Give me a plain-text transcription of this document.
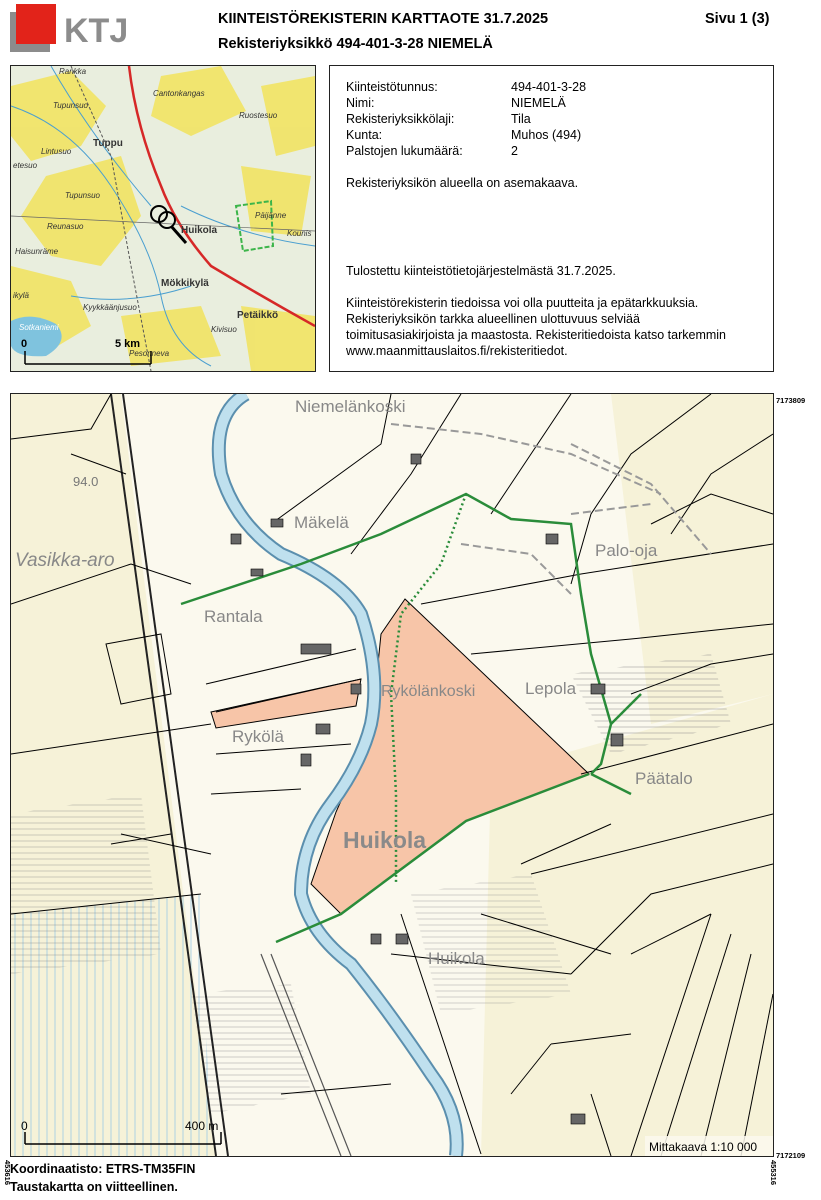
KTJ	KIINTEISTÖREKISTERIN KARTTAOTE 31.7.2025
Rekisteriyksikkö 494-401-3-28 NIEMELÄ
Sivu 1 (3)
Rankka
Cantonkangas
Tupunsuo
Ruostesuo
Tuppu
Lintusuo
etesuo
Tupunsuo
Päijänne
Reunasuo	Huikola	Kounis
Haisunräme
Mökkikylä
ikylä
Kyykkäänjusuo
Petäikkö
Sotkaniemi	Kivisuo
Pesonneva
0	5 km
Kiinteistötunnus:	494-401-3-28
Nimi:	NIEMELÄ
Rekisteriyksikkölaji:	Tila
Kunta:	Muhos (494)
Palstojen lukumäärä:	2
Rekisteriyksikön alueella on asemakaava.
Tulostettu kiinteistötietojärjestelmästä 31.7.2025.
Kiinteistörekisterin tiedoissa voi olla puutteita ja epätarkkuuksia.
Rekisteriyksikön tarkka alueellinen ulottuvuus selviää
toimitusasiakirjoista ja maastosta. Rekisteritiedoista katso tarkemmin
www.maanmittauslaitos.fi/rekisteritiedot.
Niemelänkoski
Mäkelä
Vasikka-aro	Palo-oja
Rantala
Rykölänkoski	Lepola
Rykölä
Päätalo
Huikola
Huikola
94.0
0	400 m
Mittakaava 1:10 000
7173809
7172109
453616	455316
Koordinaatisto: ETRS-TM35FIN
Taustakartta on viitteellinen.
